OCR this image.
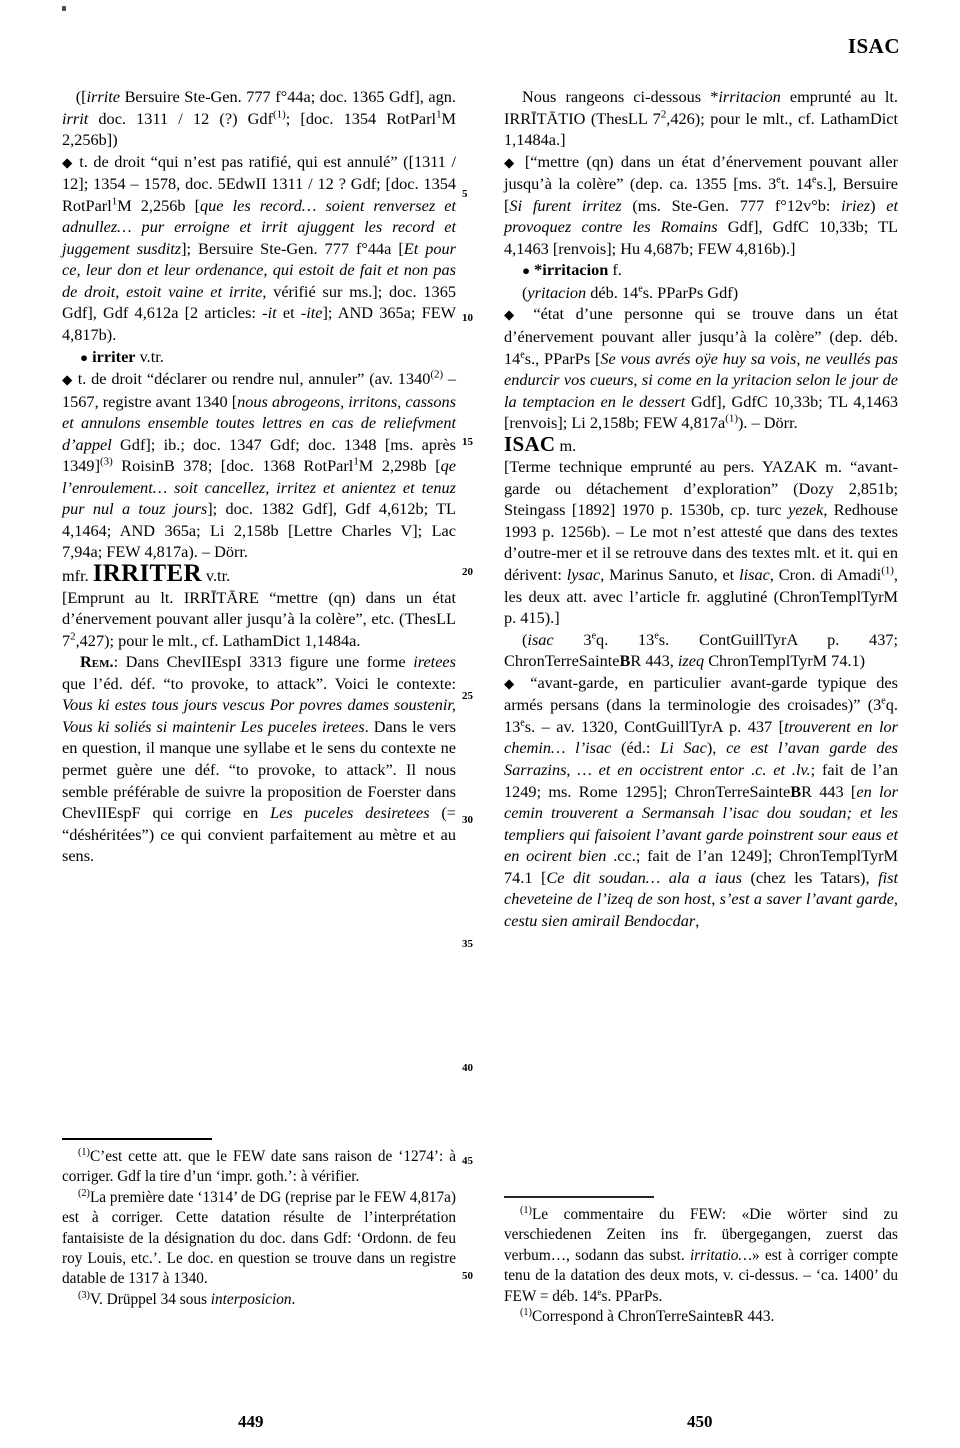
ISAC

([irrite Bersuire Ste-Gen. 777 f°44a; doc. 1365 Gdf], agn. irrit doc. 1311 / 12 (?) Gdf$^{(1)}$; [doc. 1354 RotParl$^1$M 2,256b])

◆ t. de droit “qui n’est pas ratifié, qui est annulé” ([1311 / 12]; 1354 – 1578, doc. 5EdwII 1311 / 12 ? Gdf; [doc. 1354 RotParl$^1$M 2,256b [que les record… soient renversez et adnullez… pur erroigne et irrit ajuggent les record et juggement susditz]; Bersuire Ste-Gen. 777 f°44a [Et pour ce, leur don et leur ordenance, qui estoit de fait et non pas de droit, estoit vaine et irrite, vérifié sur ms.]; doc. 1365 Gdf], Gdf 4,612a [2 articles: -it et -ite]; AND 365a; FEW 4,817b).

● irriter v.tr.

◆ t. de droit “déclarer ou rendre nul, annuler” (av. 1340$^{(2)}$ – 1567, registre avant 1340 [nous abrogeons, irritons, cassons et annulons ensemble toutes lettres en cas de reliefvment d’appel Gdf]; ib.; doc. 1347 Gdf; doc. 1348 [ms. après 1349]$^{(3)}$ RoisinB 378; [doc. 1368 RotParl$^1$M 2,298b [qe l’enroulement… soit cancellez, irritez et anientez et tenuz pur nul a touz jours]; doc. 1382 Gdf], Gdf 4,612b; TL 4,1464; AND 365a; Li 2,158b [Lettre Charles V]; Lac 7,94a; FEW 4,817a). – Dörr.

mfr. IRRITER v.tr.

[Emprunt au lt. IRRĪTĀRE “mettre (qn) dans un état d’énervement pouvant aller jusqu’à la colère”, etc. (ThesLL $7^2,427$); pour le mlt., cf. LathamDict 1,1484a.

Rem.: Dans ChevIIEspI 3313 figure une forme iretees que l’éd. déf. “to provoke, to attack”. Voici le contexte: Vous ki estes tous jours vescus Por povres dames soustenir, Vous ki soliés si maintenir Les puceles iretees. Dans le vers en question, il manque une syllabe et le sens du contexte ne permet guère une déf. “to provoke, to attack”. Il nous semble préférable de suivre la proposition de Foerster dans ChevIIEspF qui corrige en Les puceles desiretees (= “déshéritées”) ce qui convient parfaitement au mètre et au sens.

$^{(1)}$C’est cette att. que le FEW date sans raison de ‘1274’: à corriger. Gdf la tire d’un ‘impr. goth.’: à vérifier.

$^{(2)}$La première date ‘1314’ de DG (reprise par le FEW 4,817a) est à corriger. Cette datation résulte de l’interprétation fantaisiste de la désignation du doc. dans Gdf: ‘Ordonn. de feu roy Louis, etc.’. Le doc. en question se trouve dans un registre datable de 1317 à 1340.

$^{(3)}$V. Drüppel 34 sous interposicion.

Nous rangeons ci-dessous *irritacion emprunté au lt. IRRĪTĀTIO (ThesLL $7^2,426$); pour le mlt., cf. LathamDict 1,1484a.]

◆ [“mettre (qn) dans un état d’énervement pouvant aller jusqu’à la colère” (dep. ca. 1355 [ms. 3et. 14es.], Bersuire [Si furent irritez (ms. Ste-Gen. 777 f°12v°b: iriez) et provoquez contre les Romains Gdf], GdfC 10,33b; TL 4,1463 [renvois]; Hu 4,687b; FEW 4,816b).]

● *irritacion f.

(yritacion déb. 14es. PParPs Gdf)

◆ “état d’une personne qui se trouve dans un état d’énervement pouvant aller jusqu’à la colère” (dep. déb. 14es., PParPs [Se vous avrés oÿe huy sa vois, ne veullés pas endurcir vos cueurs, si come en la yritacion selon le jour de la temptacion en le dessert Gdf], GdfC 10,33b; TL 4,1463 [renvois]; Li 2,158b; FEW $4,817a^{(1)}$). – Dörr.

ISAC m.

[Terme technique emprunté au pers. YAZAK m. “avant-garde ou détachement d’exploration” (Dozy 2,851b; Steingass [1892] 1970 p. 1530b, cp. turc yezek, Redhouse 1993 p. 1256b). – Le mot n’est attesté que dans des textes d’outre-mer et il se retrouve dans des textes mlt. et it. qui en dérivent: lysac, Marinus Sanuto, et lisac, Cron. di Amadi$^{(1)}$, les deux att. avec l’article fr. agglutiné (ChronTemplTyrM p. 415).]

(isac 3eq. 13es. ContGuillTyrA p. 437; ChronTerreSainteBR 443, izeq ChronTemplTyrM 74.1)

◆ “avant-garde, en particulier avant-garde typique des armés persans (dans la terminologie des croisades)” (3eq. 13es. – av. 1320, ContGuillTyrA p. 437 [trouverent en lor chemin… l’isac (éd.: Li Sac), ce est l’avan garde des Sarrazins, … et en occistrent entor .c. et .lv.; fait de l’an 1249; ms. Rome 1295]; ChronTerreSainteBR 443 [en lor cemin trouverent a Sermansah l’isac dou soudan; et les templiers qui faisoient l’avant garde poinstrent sour eaus et en ocirent bien .cc.; fait de l’an 1249]; ChronTemplTyrM 74.1 [Ce dit soudan… ala a iaus (chez les Tatars), fist cheveteine de l’izeq de son host, s’est a saver l’avant garde, cestu sien amirail Bendocdar,

$^{(1)}$Le commentaire du FEW: «Die wörter sind zu verschiedenen Zeiten ins fr. übergegangen, zuerst das verbum…, sodann das subst. irritatio…» est à corriger compte tenu de la datation des deux mots, v. ci-dessus. – ‘ca. 1400’ du FEW = déb. 14es. PParPs.

$^{(1)}$Correspond à ChronTerreSainteʙR 443.

5
10
15
20
25
30
35
40
45
50
449	450
